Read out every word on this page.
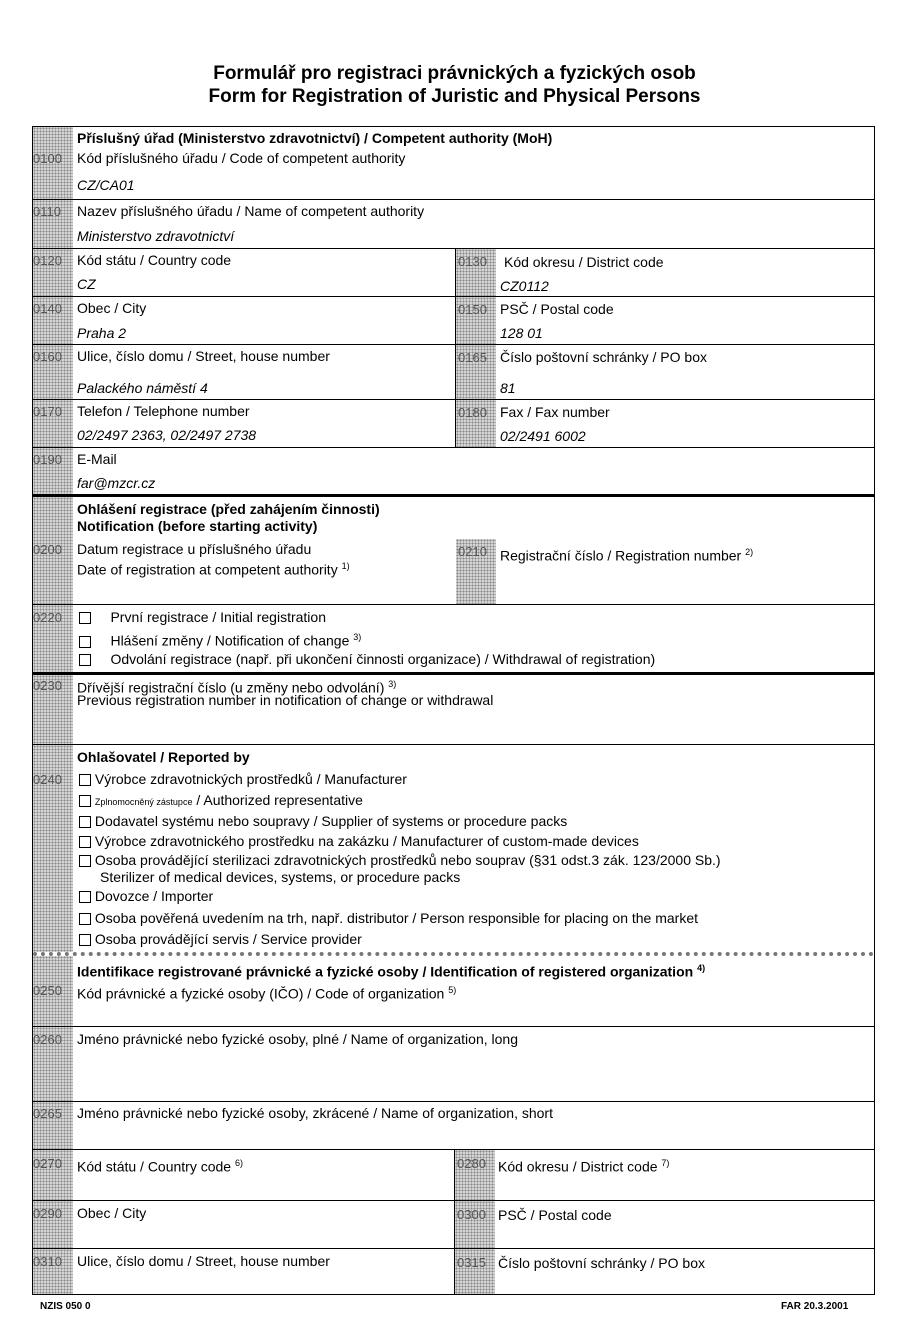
Formulář pro registraci právnických a fyzických osob
Form for Registration of Juristic and Physical Persons
Příslušný úřad (Ministerstvo zdravotnictví) / Competent authority (MoH)
0100	Kód příslušného úřadu / Code of competent authority
CZ/CA01
0110	Nazev příslušného úřadu / Name of competent authority
Ministerstvo zdravotnictví
0120	Kód státu / Country code
CZ
0130	Kód okresu / District code
CZ0112
0140	Obec / City
Praha 2
0150 PSČ / Postal code
128 01
0160	Ulice, číslo domu / Street, house number
Palackého náměstí 4
0165 Číslo poštovní schránky / PO box
81
0170	Telefon / Telephone number
02/2497 2363, 02/2497 2738
0180 Fax / Fax number
02/2491 6002
0190	E-Mail
far@mzcr.cz
Ohlášení registrace (před zahájením činnosti)
Notification (before starting activity)
0200	Datum registrace u příslušného úřadu
Date of registration at competent authority $^{1)}$
0210 Registrační číslo / Registration number $^{2)}$
0220	První registrace / Initial registration
Hlášení změny / Notification of change $^{3)}$
Odvolání registrace (např. při ukončení činnosti organizace) / Withdrawal of registration)
0230	Dřívější registrační číslo (u změny nebo odvolání) $^{3)}$
Previous registration number in notification of change or withdrawal
Ohlašovatel / Reported by
0240	Výrobce zdravotnických prostředků / Manufacturer
Zplnomocněný zástupce / Authorized representative
Dodavatel systému nebo soupravy / Supplier of systems or procedure packs
Výrobce zdravotnického prostředku na zakázku / Manufacturer of custom-made devices
Osoba provádějící sterilizaci zdravotnických prostředků nebo souprav (§31 odst.3 zák. 123/2000 Sb.)
Sterilizer of medical devices, systems, or procedure packs
Dovozce / Importer
Osoba pověřená uvedením na trh, např. distributor / Person responsible for placing on the market
Osoba provádějící servis / Service provider
Identifikace registrované právnické a fyzické osoby / Identification of registered organization $^{4)}$
0250	Kód právnické a fyzické osoby (IČO) / Code of organization $^{5)}$
0260	Jméno právnické nebo fyzické osoby, plné / Name of organization, long
0265	Jméno právnické nebo fyzické osoby, zkrácené / Name of organization, short
0270	Kód státu / Country code $^{6)}$	0280 Kód okresu / District code $^{7)}$
0290	Obec / City	0300 PSČ / Postal code
0310	Ulice, číslo domu / Street, house number	0315 Číslo poštovní schránky / PO box
NZIS 050 0	FAR 20.3.2001
